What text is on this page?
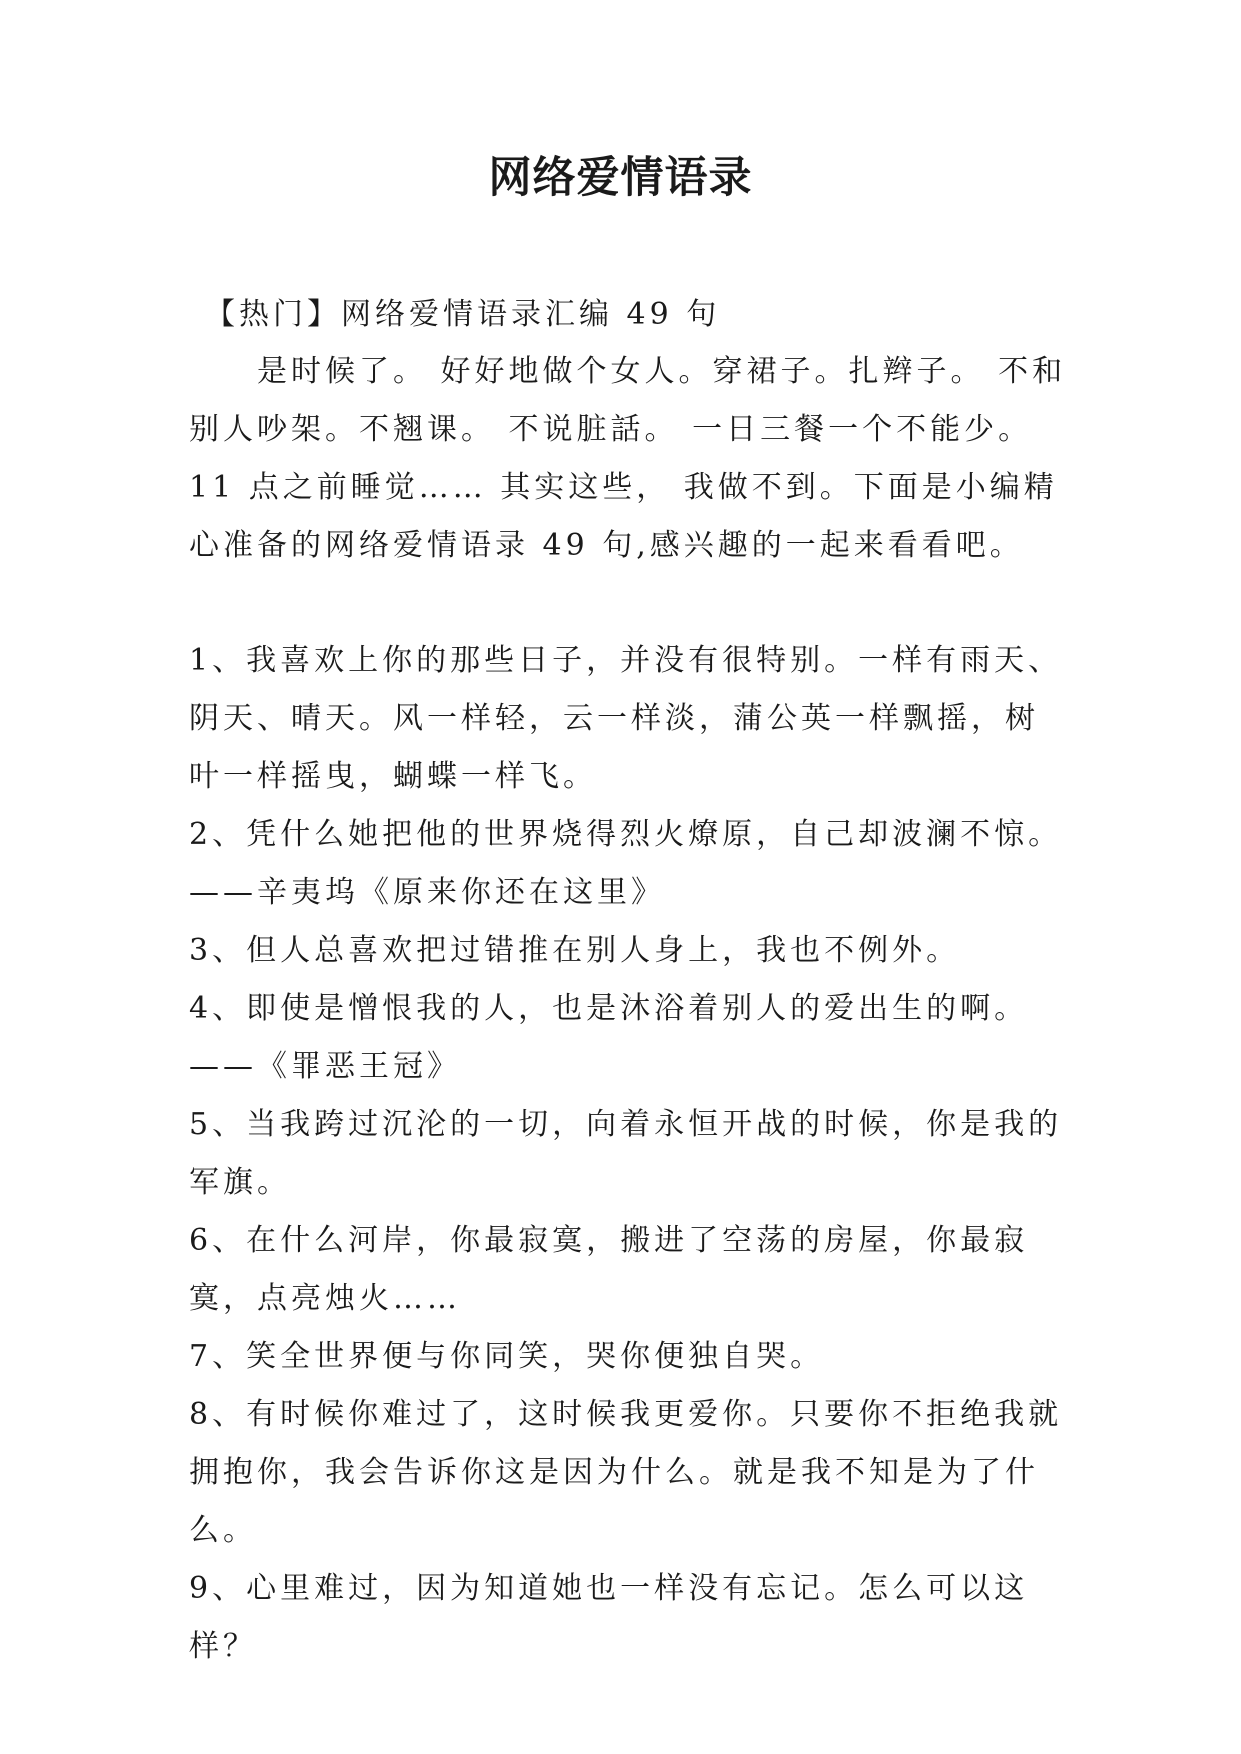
网络爱情语录
【热门】网络爱情语录汇编 49 句
是时候了。 好好地做个女人。穿裙子。扎辫子。 不和别人吵架。不翘课。 不说脏話。 一日三餐一个不能少。11 点之前睡觉…… 其实这些， 我做不到。下面是小编精心准备的网络爱情语录 49 句,感兴趣的一起来看看吧。

1、我喜欢上你的那些日子，并没有很特别。一样有雨天、阴天、晴天。风一样轻，云一样淡，蒲公英一样飘摇，树叶一样摇曳，蝴蝶一样飞。

2、凭什么她把他的世界烧得烈火燎原，自己却波澜不惊。——辛夷坞《原来你还在这里》

3、但人总喜欢把过错推在别人身上，我也不例外。

4、即使是憎恨我的人，也是沐浴着别人的爱出生的啊。——《罪恶王冠》

5、当我跨过沉沦的一切，向着永恒开战的时候，你是我的军旗。

6、在什么河岸，你最寂寞，搬进了空荡的房屋，你最寂寞，点亮烛火……

7、笑全世界便与你同笑，哭你便独自哭。

8、有时候你难过了，这时候我更爱你。只要你不拒绝我就拥抱你，我会告诉你这是因为什么。就是我不知是为了什么。

9、心里难过，因为知道她也一样没有忘记。怎么可以这样？
